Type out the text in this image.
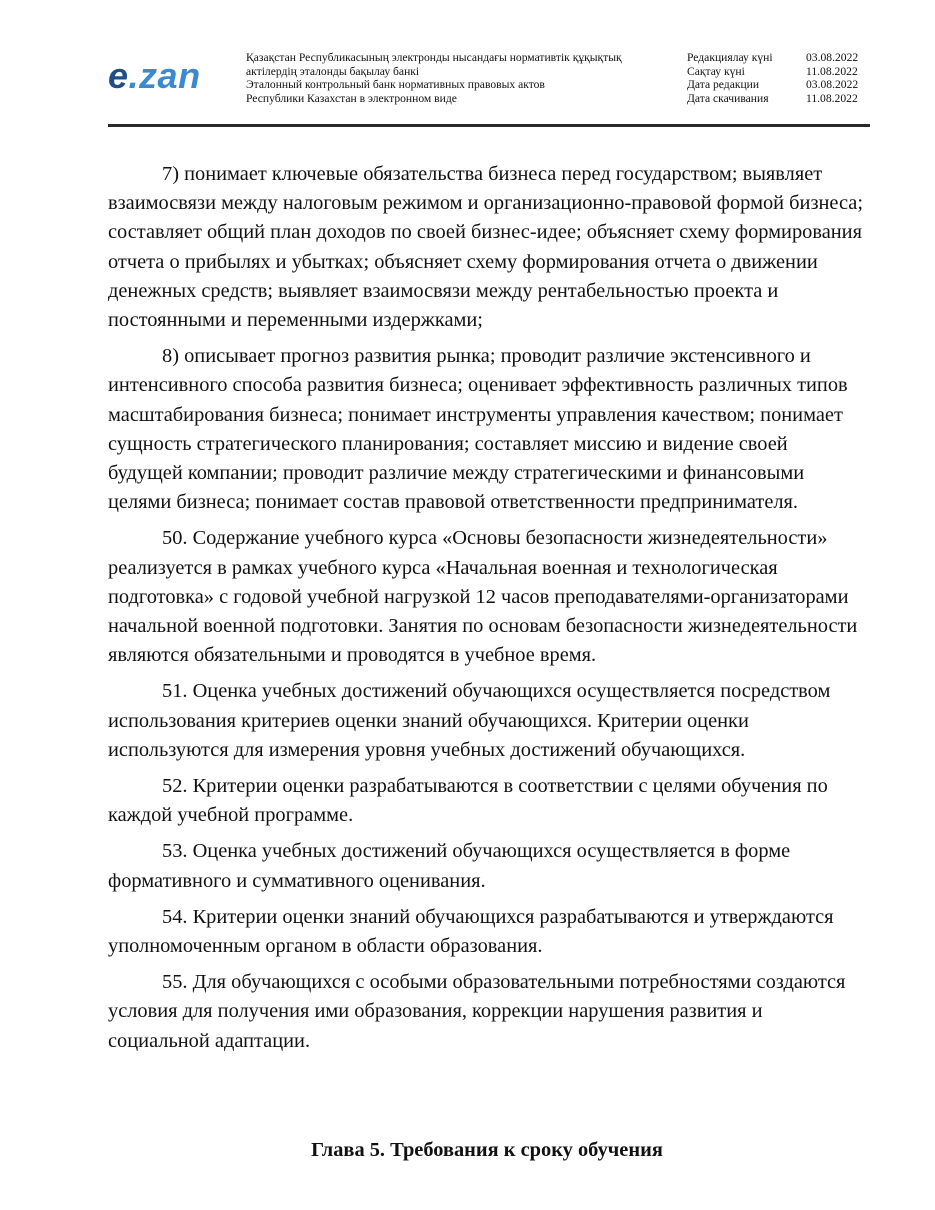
e.zan	Қазақстан Республикасының электронды нысандағы нормативтік құқықтық
актілердің эталонды бақылау банкі
Эталонный контрольный банк нормативных правовых актов
Республики Казахстан в электронном виде
Редакциялау күні	03.08.2022
Сақтау күні	11.08.2022
Дата редакции	03.08.2022
Дата скачивания	11.08.2022

7) понимает ключевые обязательства бизнеса перед государством; выявляет взаимосвязи между налоговым режимом и организационно-правовой формой бизнеса; составляет общий план доходов по своей бизнес-идее; объясняет схему формирования отчета о прибылях и убытках; объясняет схему формирования отчета о движении денежных средств; выявляет взаимосвязи между рентабельностью проекта и постоянными и переменными издержками;

8) описывает прогноз развития рынка; проводит различие экстенсивного и интенсивного способа развития бизнеса; оценивает эффективность различных типов масштабирования бизнеса; понимает инструменты управления качеством; понимает сущность стратегического планирования; составляет миссию и видение своей будущей компании; проводит различие между стратегическими и финансовыми целями бизнеса; понимает состав правовой ответственности предпринимателя.

50. Содержание учебного курса «Основы безопасности жизнедеятельности» реализуется в рамках учебного курса «Начальная военная и технологическая подготовка» с годовой учебной нагрузкой 12 часов преподавателями-организаторами начальной военной подготовки. Занятия по основам безопасности жизнедеятельности являются обязательными и проводятся в учебное время.

51. Оценка учебных достижений обучающихся осуществляется посредством использования критериев оценки знаний обучающихся. Критерии оценки используются для измерения уровня учебных достижений обучающихся.

52. Критерии оценки разрабатываются в соответствии с целями обучения по каждой учебной программе.

53. Оценка учебных достижений обучающихся осуществляется в форме формативного и суммативного оценивания.

54. Критерии оценки знаний обучающихся разрабатываются и утверждаются уполномоченным органом в области образования.

55. Для обучающихся с особыми образовательными потребностями создаются условия для получения ими образования, коррекции нарушения развития и социальной адаптации.

Глава 5. Требования к сроку обучения
